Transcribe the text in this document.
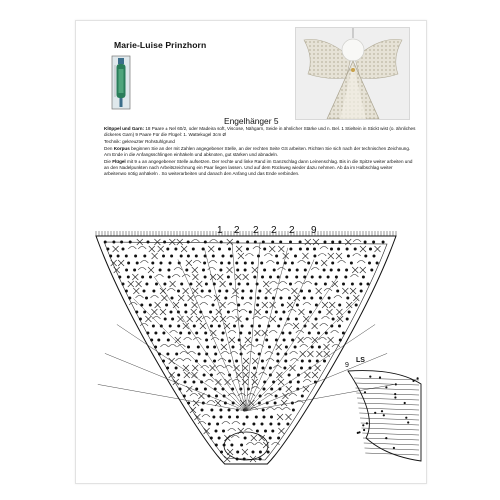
Marie-Luise Prinzhorn
Engelhänger 5

Klöppel und Garn: 18 Paare ± Nel 60/2, oder Madeira soft, Viscose, Nähgarn, Seide in ähnlicher Stärke und n. Bel. 1 Stieltein in Stickt wist (o. ähnliches dickeres Garn) 9 Paare Für die Flügel: 1. Wattekugel 3cm Ø

Technik: gekreuzter Rohstuhlgrund

Den Korpus beginnen Sie an der mit Zahlen angegebener Stelle, an der rechten Seite GS arbeiten. Richten Sie sich nach der technischen Zeichnung. Am Ende in die Anfangsschlingen einhäkeln und abknoten, gut stärken und abnadeln.

Die Flügel mit 9 ± an angegebener Stelle aufsetzen. Der rechte und linke Rand im Ganzschlag dann Leinenschlag. Bis in die Spitze weiter arbeiten und an den Nadelpunkten nach Arbeitszeichnung ein Paar liegen lassen. Und auf dem Rückweg wieder dazu nehmen. Ab da im Halbschlag weiter arbeitenwo nötig anhäkeln . So weiterarbeiten und danach den Anfang und das Ende verbinden.

1 2 2 2 2 9
9
LS
